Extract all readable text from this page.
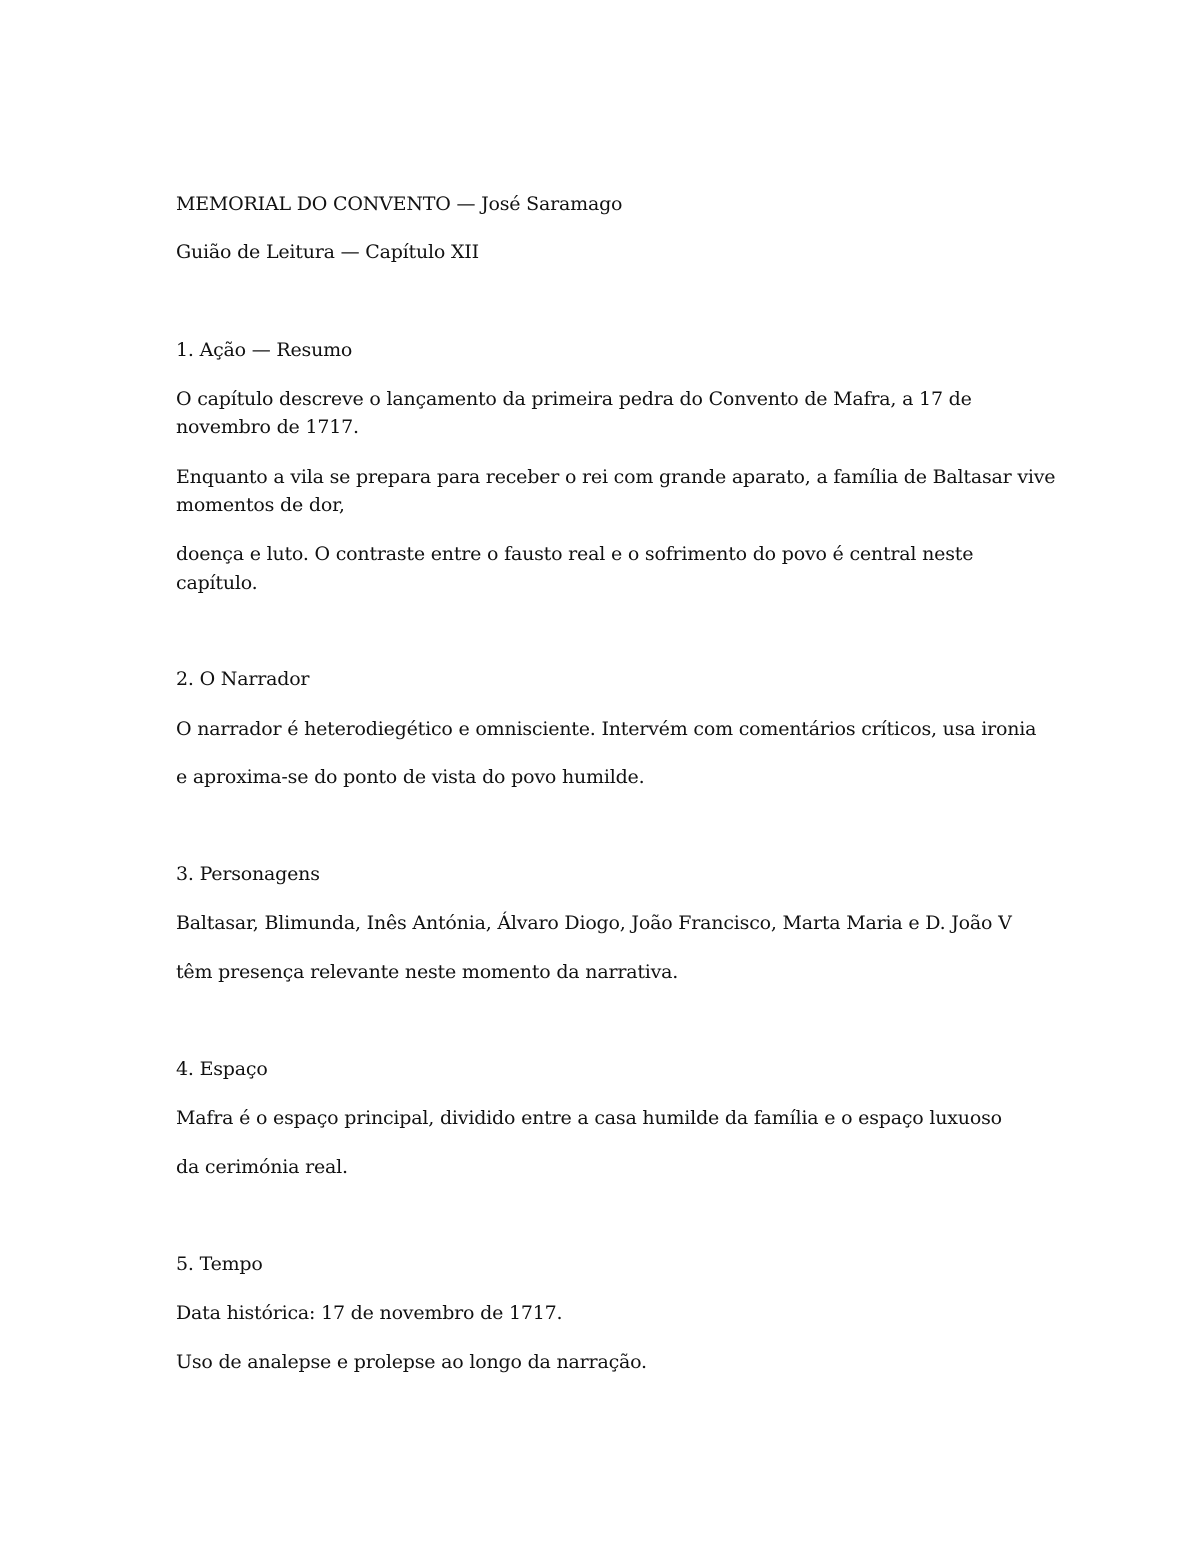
MEMORIAL DO CONVENTO — José Saramago
Guião de Leitura — Capítulo XII
1. Ação — Resumo
O capítulo descreve o lançamento da primeira pedra do Convento de Mafra, a 17 de
novembro de 1717.
Enquanto a vila se prepara para receber o rei com grande aparato, a família de Baltasar vive
momentos de dor,
doença e luto. O contraste entre o fausto real e o sofrimento do povo é central neste
capítulo.
2. O Narrador
O narrador é heterodiegético e omnisciente. Intervém com comentários críticos, usa ironia
e aproxima-se do ponto de vista do povo humilde.
3. Personagens
Baltasar, Blimunda, Inês Antónia, Álvaro Diogo, João Francisco, Marta Maria e D. João V
têm presença relevante neste momento da narrativa.
4. Espaço
Mafra é o espaço principal, dividido entre a casa humilde da família e o espaço luxuoso
da cerimónia real.
5. Tempo
Data histórica: 17 de novembro de 1717.
Uso de analepse e prolepse ao longo da narração.
